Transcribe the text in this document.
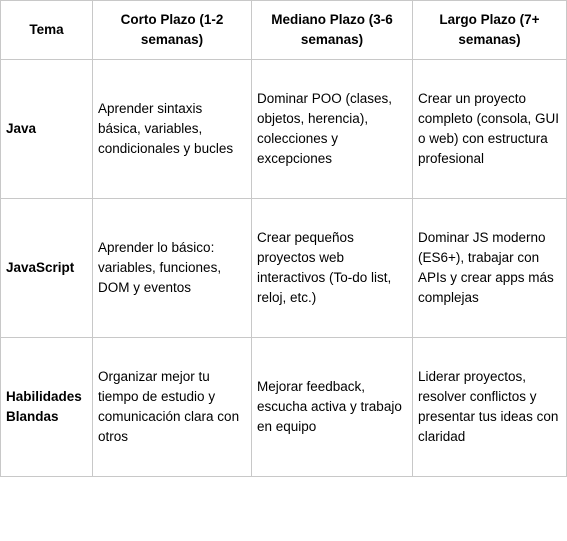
Tema	Corto Plazo (1-2 semanas)	Mediano Plazo (3-6 semanas)	Largo Plazo (7+ semanas)
Java	Aprender sintaxis básica, variables, condicionales y bucles	Dominar POO (clases, objetos, herencia), colecciones y excepciones	Crear un proyecto completo (consola, GUI o web) con estructura profesional
JavaScript	Aprender lo básico: variables, funciones, DOM y eventos	Crear pequeños proyectos web interactivos (To-do list, reloj, etc.)	Dominar JS moderno (ES6+), trabajar con APIs y crear apps más complejas
Habilidades Blandas	Organizar mejor tu tiempo de estudio y comunicación clara con otros	Mejorar feedback, escucha activa y trabajo en equipo	Liderar proyectos, resolver conflictos y presentar tus ideas con claridad
